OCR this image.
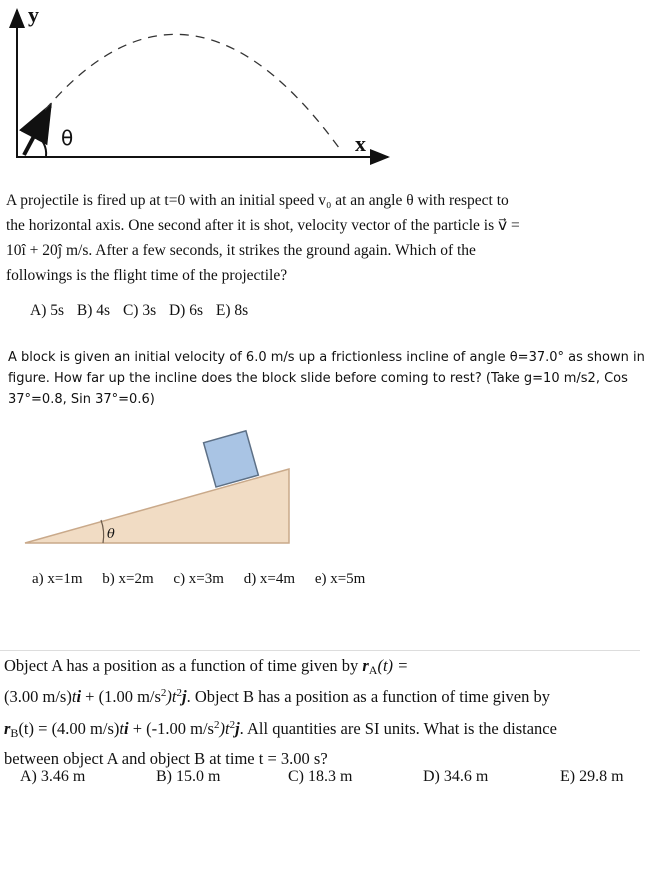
y
x
θ
θ
A projectile is fired up at t=0 with an initial speed v₀ at an angle θ with respect to
the horizontal axis. One second after it is shot, velocity vector of the particle is v⃗ =
10î + 20ĵ m/s. After a few seconds, it strikes the ground again. Which of the
followings is the flight time of the projectile?
A) 5s B) 4s C) 3s D) 6s E) 8s
A block is given an initial velocity of 6.0 m/s up a frictionless incline of angle θ=37.0° as shown in
figure. How far up the incline does the block slide before coming to rest? (Take g=10 m/s2, Cos
37°=0.8, Sin 37°=0.6)
a) x=1m b) x=2m c) x=3m d) x=4m e) x=5m
Object A has a position as a function of time given by rA(t) =
(3.00 m/s)ti + (1.00 $m/s^2)t^2j$. Object B has a position as a function of time given by
rB(t) = (4.00 m/s)ti + (-1.00 $m/s^2)t^2j$. All quantities are SI units. What is the distance
between object A and object B at time t = 3.00 s?
A) 3.46 m	B) 15.0 m	C) 18.3 m	D) 34.6 m	E) 29.8 m
